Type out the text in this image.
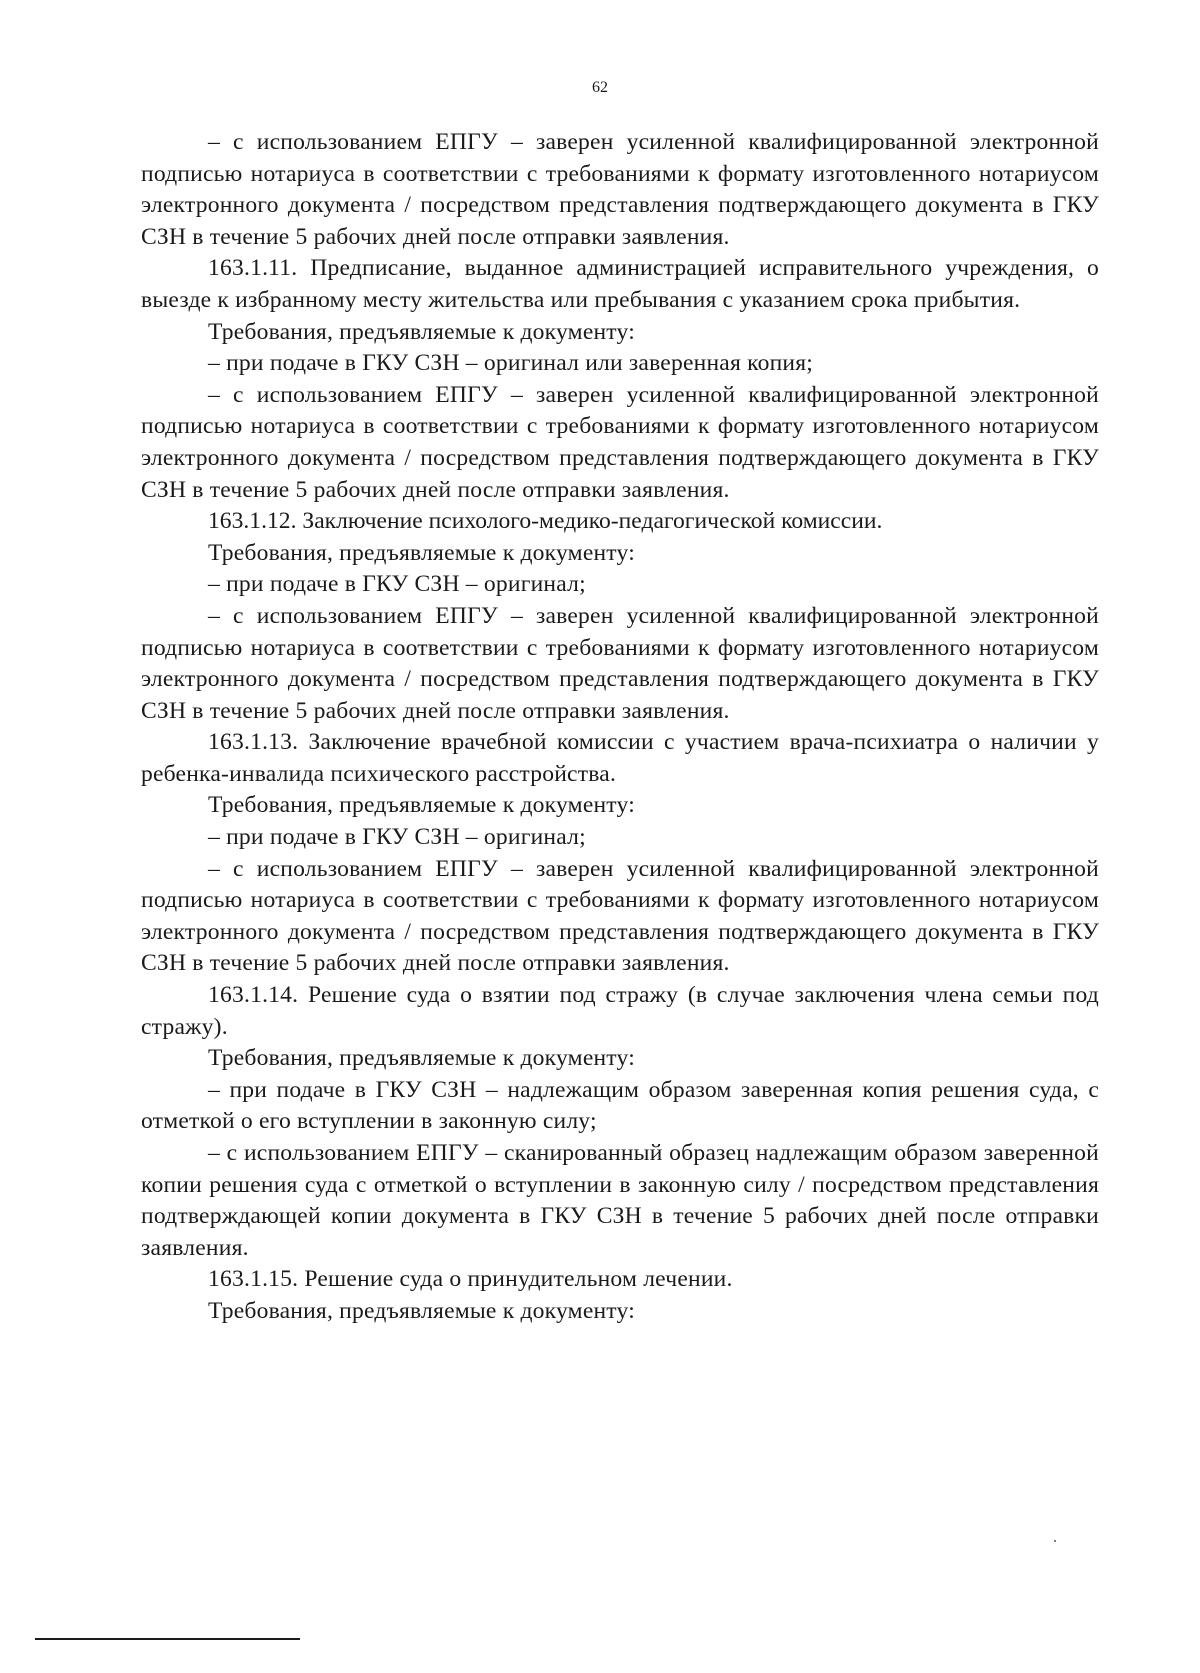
62

– с использованием ЕПГУ – заверен усиленной квалифицированной электронной подписью нотариуса в соответствии с требованиями к формату изготовленного нотариусом электронного документа / посредством представления подтверждающего документа в ГКУ СЗН в течение 5 рабочих дней после отправки заявления.

163.1.11. Предписание, выданное администрацией исправительного учреждения, о выезде к избранному месту жительства или пребывания с указанием срока прибытия.

Требования, предъявляемые к документу:

– при подаче в ГКУ СЗН – оригинал или заверенная копия;

– с использованием ЕПГУ – заверен усиленной квалифицированной электронной подписью нотариуса в соответствии с требованиями к формату изготовленного нотариусом электронного документа / посредством представления подтверждающего документа в ГКУ СЗН в течение 5 рабочих дней после отправки заявления.

163.1.12. Заключение психолого-медико-педагогической комиссии.

Требования, предъявляемые к документу:

– при подаче в ГКУ СЗН – оригинал;

– с использованием ЕПГУ – заверен усиленной квалифицированной электронной подписью нотариуса в соответствии с требованиями к формату изготовленного нотариусом электронного документа / посредством представления подтверждающего документа в ГКУ СЗН в течение 5 рабочих дней после отправки заявления.

163.1.13. Заключение врачебной комиссии с участием врача-психиатра о наличии у ребенка-инвалида психического расстройства.

Требования, предъявляемые к документу:

– при подаче в ГКУ СЗН – оригинал;

– с использованием ЕПГУ – заверен усиленной квалифицированной электронной подписью нотариуса в соответствии с требованиями к формату изготовленного нотариусом электронного документа / посредством представления подтверждающего документа в ГКУ СЗН в течение 5 рабочих дней после отправки заявления.

163.1.14. Решение суда о взятии под стражу (в случае заключения члена семьи под стражу).

Требования, предъявляемые к документу:

– при подаче в ГКУ СЗН – надлежащим образом заверенная копия решения суда, с отметкой о его вступлении в законную силу;

– с использованием ЕПГУ – сканированный образец надлежащим образом заверенной копии решения суда с отметкой о вступлении в законную силу / посредством представления подтверждающей копии документа в ГКУ СЗН в течение 5 рабочих дней после отправки заявления.

163.1.15. Решение суда о принудительном лечении.

Требования, предъявляемые к документу:
